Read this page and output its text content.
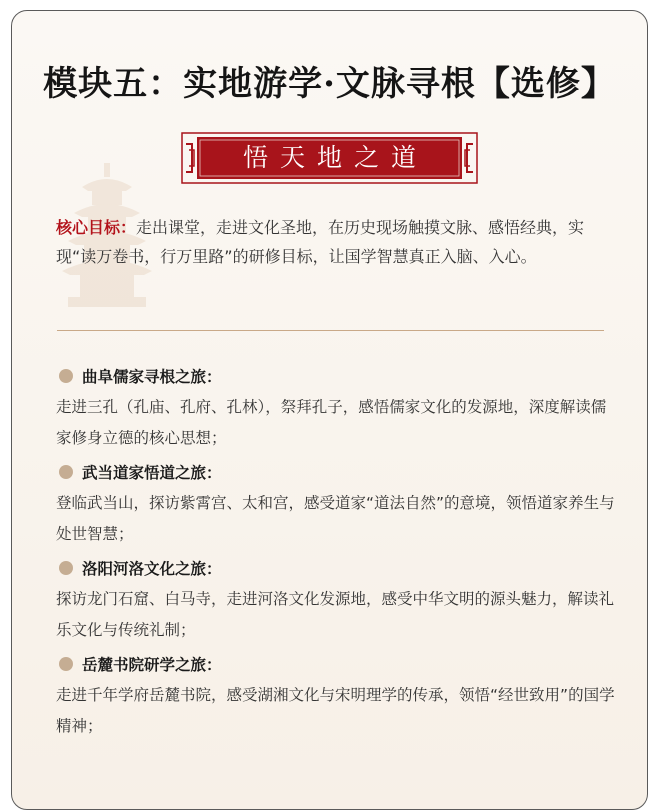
模块五：实地游学·文脉寻根【选修】
悟天地之道

核心目标：走出课堂，走进文化圣地，在历史现场触摸文脉、感悟经典，实现“读万卷书，行万里路”的研修目标，让国学智慧真正入脑、入心。

曲阜儒家寻根之旅：

走进三孔（孔庙、孔府、孔林），祭拜孔子，感悟儒家文化的发源地，深度解读儒家修身立德的核心思想；

武当道家悟道之旅：

登临武当山，探访紫霄宫、太和宫，感受道家“道法自然”的意境，领悟道家养生与处世智慧；

洛阳河洛文化之旅：

探访龙门石窟、白马寺，走进河洛文化发源地，感受中华文明的源头魅力，解读礼乐文化与传统礼制；

岳麓书院研学之旅：

走进千年学府岳麓书院，感受湖湘文化与宋明理学的传承，领悟“经世致用”的国学精神；
